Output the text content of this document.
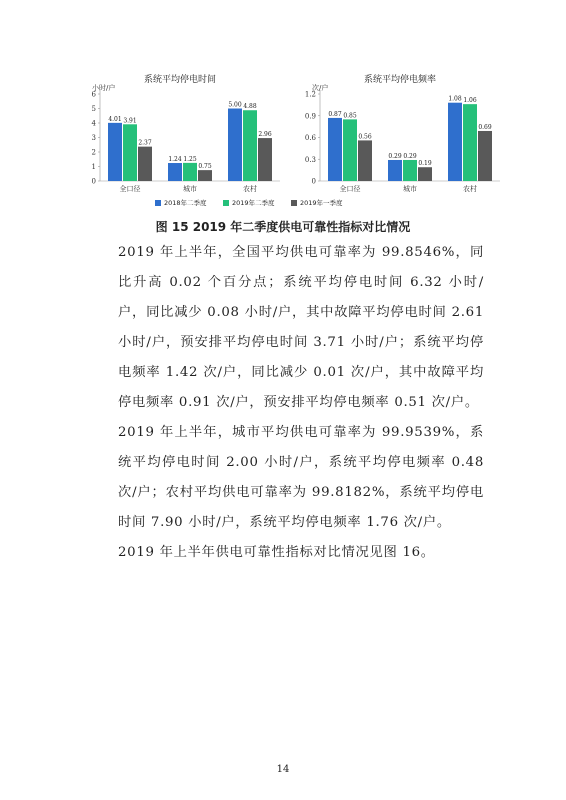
系统平均停电时间
小时/户
0
1
2
3
4
5
6
4.01 3.91
2.37
全口径
1.24 1.25
0.75
城市
5.00 4.88
2.96
农村
系统平均停电频率
次/户
0
0.3
0.6
0.9
1.2
0.87 0.85
0.56
全口径
0.29 0.29
0.19
城市
1.08 1.06
0.69
农村
2018年二季度	2019年二季度	2019年一季度
图 15 2019 年二季度供电可靠性指标对比情况

2019 年上半年，全国平均供电可靠率为 99.8546%，同比升高 0.02 个百分点；系统平均停电时间 6.32 小时/户，同比减少 0.08 小时/户，其中故障平均停电时间 2.61 小时/户，预安排平均停电时间 3.71 小时/户；系统平均停电频率 1.42 次/户，同比减少 0.01 次/户，其中故障平均停电频率 0.91 次/户，预安排平均停电频率 0.51 次/户。

2019 年上半年，城市平均供电可靠率为 99.9539%，系统平均停电时间 2.00 小时/户，系统平均停电频率 0.48 次/户；农村平均供电可靠率为 99.8182%，系统平均停电时间 7.90 小时/户，系统平均停电频率 1.76 次/户。

2019 年上半年供电可靠性指标对比情况见图 16。

14
